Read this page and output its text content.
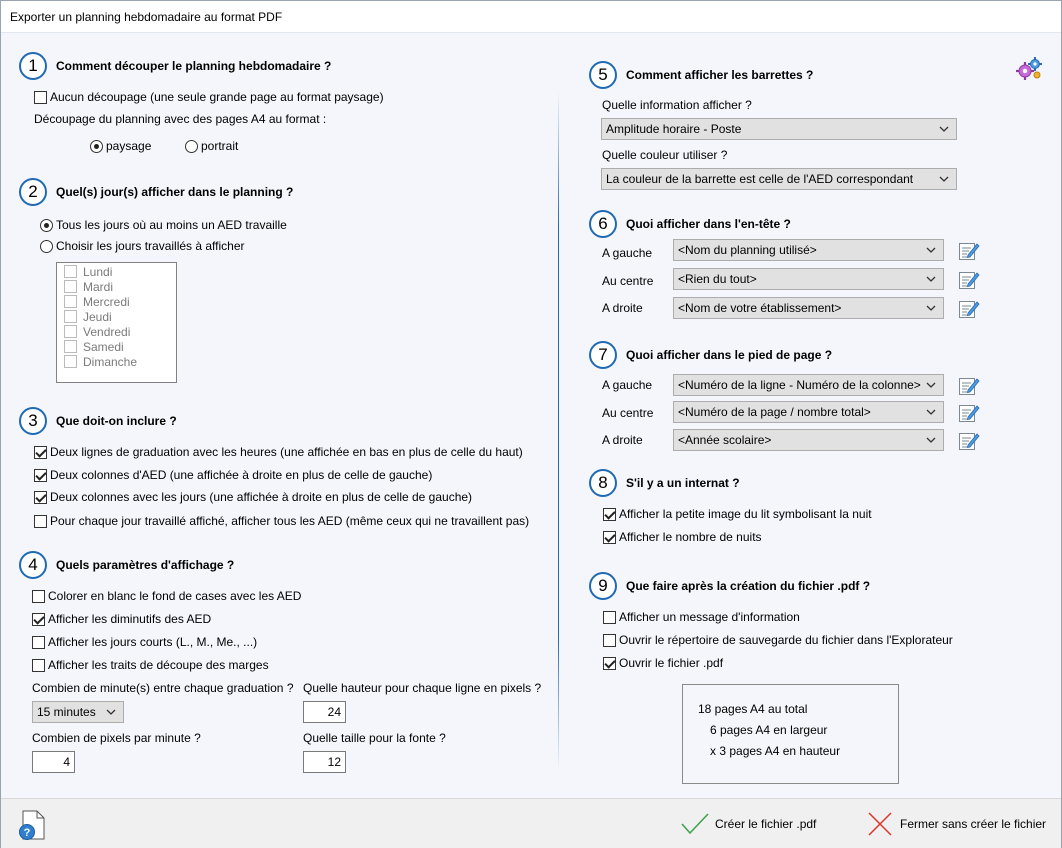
Exporter un planning hebdomadaire au format PDF
1	Comment découper le planning hebdomadaire ?
Aucun découpage (une seule grande page au format paysage)
Découpage du planning avec des pages A4 au format :
paysage	portrait
2	Quel(s) jour(s) afficher dans le planning ?
Tous les jours où au moins un AED travaille
Choisir les jours travaillés à afficher
Lundi
Mardi
Mercredi
Jeudi
Vendredi
Samedi
Dimanche
3	Que doit-on inclure ?
Deux lignes de graduation avec les heures (une affichée en bas en plus de celle du haut)
Deux colonnes d'AED (une affichée à droite en plus de celle de gauche)
Deux colonnes avec les jours (une affichée à droite en plus de celle de gauche)
Pour chaque jour travaillé affiché, afficher tous les AED (même ceux qui ne travaillent pas)
4	Quels paramètres d'affichage ?
Colorer en blanc le fond de cases avec les AED
Afficher les diminutifs des AED
Afficher les jours courts (L., M., Me., ...)
Afficher les traits de découpe des marges
Combien de minute(s) entre chaque graduation ?
15 minutes
Quelle hauteur pour chaque ligne en pixels ?
24
Combien de pixels par minute ?
4
Quelle taille pour la fonte ?
12
5	Comment afficher les barrettes ?
Quelle information afficher ?
Amplitude horaire - Poste
Quelle couleur utiliser ?
La couleur de la barrette est celle de l'AED correspondant
6	Quoi afficher dans l'en-tête ?
A gauche	<Nom du planning utilisé>
Au centre	<Rien du tout>
A droite	<Nom de votre établissement>
7	Quoi afficher dans le pied de page ?
A gauche	<Numéro de la ligne - Numéro de la colonne>
Au centre	<Numéro de la page / nombre total>
A droite	<Année scolaire>
8	S'il y a un internat ?
Afficher la petite image du lit symbolisant la nuit
Afficher le nombre de nuits
9	Que faire après la création du fichier .pdf ?
Afficher un message d'information
Ouvrir le répertoire de sauvegarde du fichier dans l'Explorateur
Ouvrir le fichier .pdf
18 pages A4 au total
6 pages A4 en largeur
x 3 pages A4 en hauteur
?
Créer le fichier .pdf	Fermer sans créer le fichier
